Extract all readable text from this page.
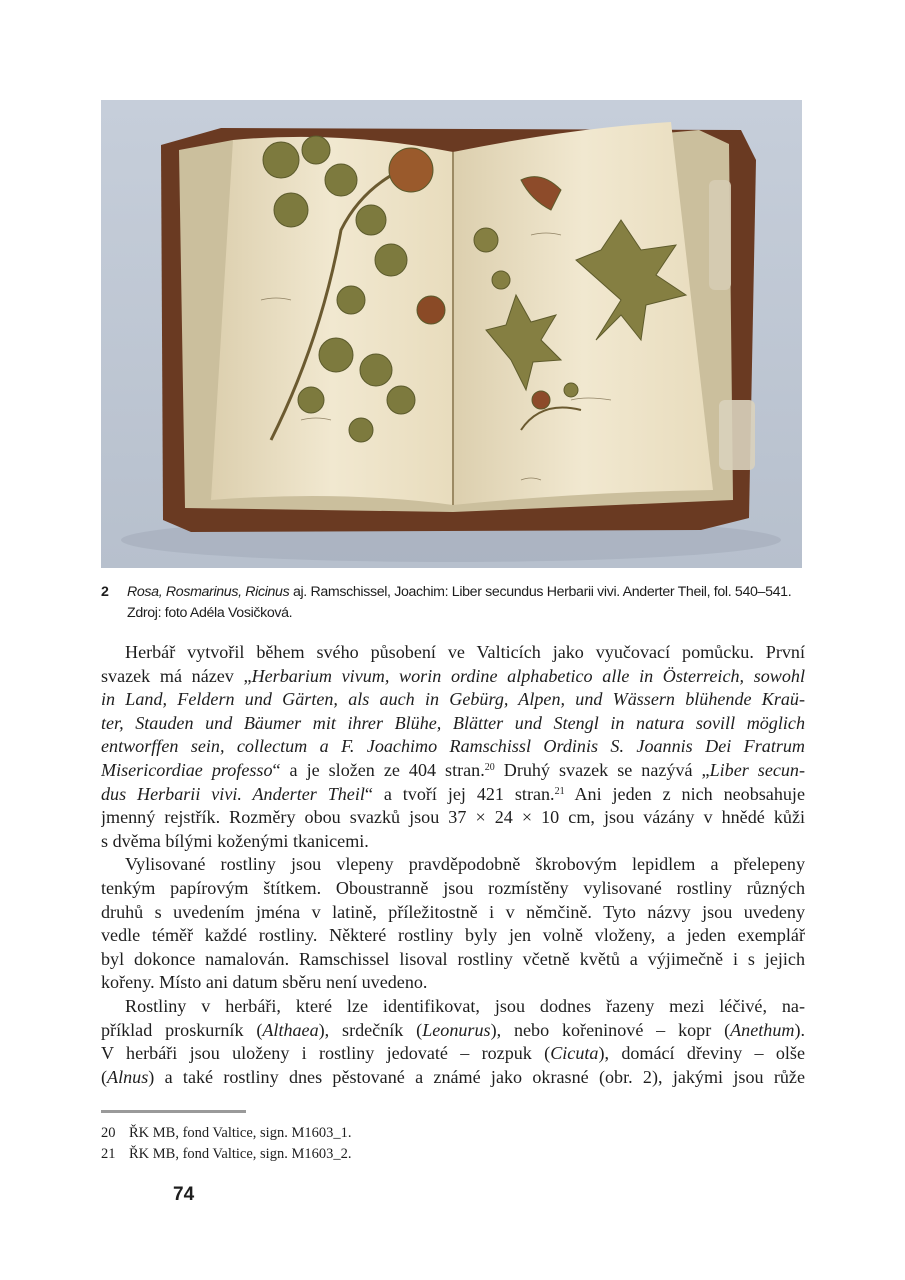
2 Rosa, Rosmarinus, Ricinus aj. Ramschissel, Joachim: Liber secundus Herbarii vivi. Anderter Theil, fol. 540–541.
Zdroj: foto Adéla Vosičková.
Herbář vytvořil během svého působení ve Valticích jako vyučovací pomůcku. První
svazek má název „Herbarium vivum, worin ordine alphabetico alle in Österreich, sowohl
in Land, Feldern und Gärten, als auch in Gebürg, Alpen, und Wässern blühende Kraü-
ter, Stauden und Bäumer mit ihrer Blühe, Blätter und Stengl in natura sovill möglich
entworffen sein, collectum a F. Joachimo Ramschissl Ordinis S. Joannis Dei Fratrum
Misericordiae professo“ a je složen ze 404 stran.$^{20}$ Druhý svazek se nazývá „Liber secun-
dus Herbarii vivi. Anderter Theil“ a tvoří jej 421 stran.$^{21}$ Ani jeden z nich neobsahuje
jmenný rejstřík. Rozměry obou svazků jsou 37 × 24 × 10 cm, jsou vázány v hnědé kůži
s dvěma bílými koženými tkanicemi.
Vylisované rostliny jsou vlepeny pravděpodobně škrobovým lepidlem a přelepeny
tenkým papírovým štítkem. Oboustranně jsou rozmístěny vylisované rostliny různých
druhů s uvedením jména v latině, příležitostně i v němčině. Tyto názvy jsou uvedeny
vedle téměř každé rostliny. Některé rostliny byly jen volně vloženy, a jeden exemplář
byl dokonce namalován. Ramschissel lisoval rostliny včetně květů a výjimečně i s jejich
kořeny. Místo ani datum sběru není uvedeno.
Rostliny v herbáři, které lze identifikovat, jsou dodnes řazeny mezi léčivé, na-
příklad proskurník (Althaea), srdečník (Leonurus), nebo kořeninové – kopr (Anethum).
V herbáři jsou uloženy i rostliny jedovaté – rozpuk (Cicuta), domácí dřeviny – olše
(Alnus) a také rostliny dnes pěstované a známé jako okrasné (obr. 2), jakými jsou růže
20 ŘK MB, fond Valtice, sign. M1603_1.
21 ŘK MB, fond Valtice, sign. M1603_2.
74
